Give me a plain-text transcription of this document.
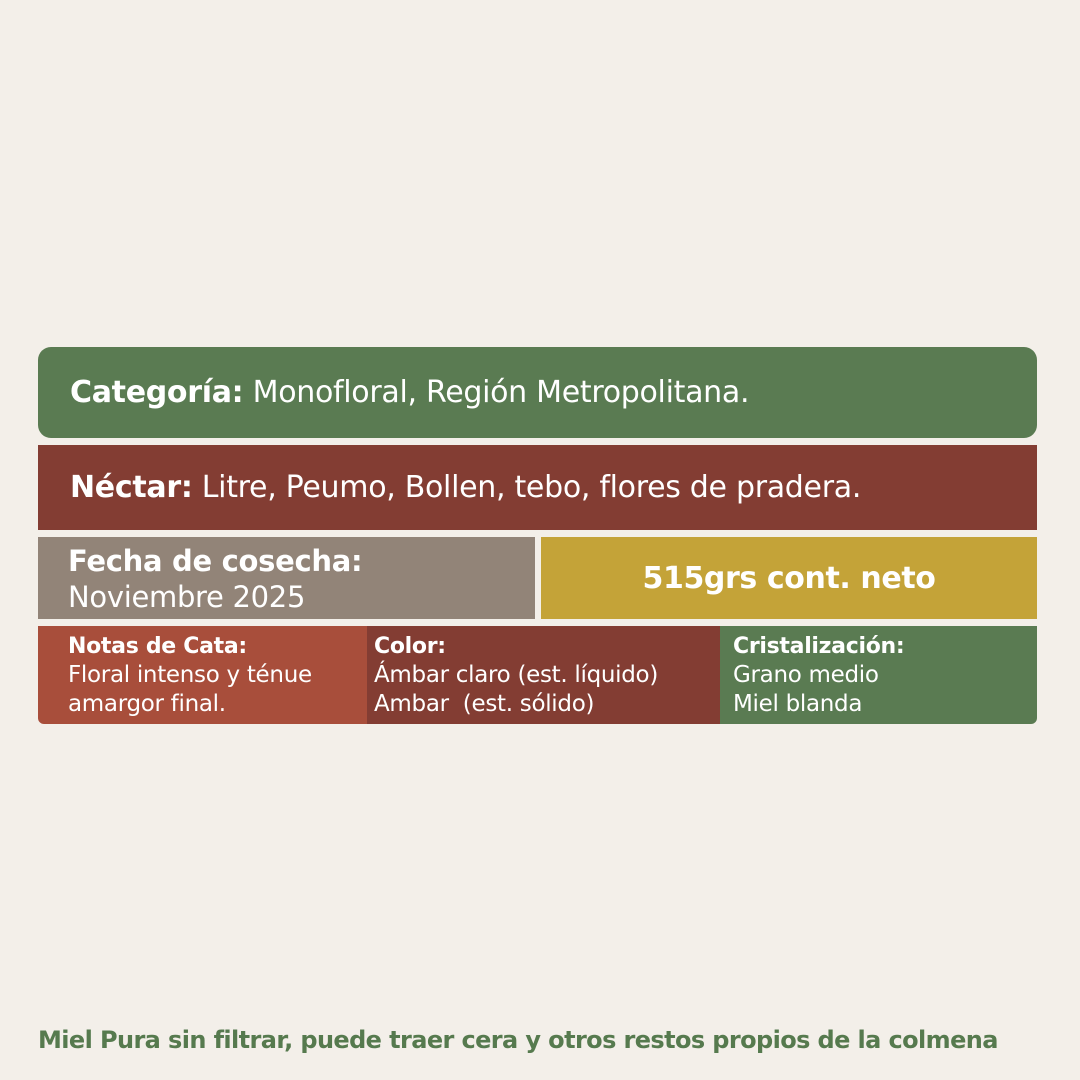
Categoría:
Monofloral, Región Metropolitana.
Néctar:
Litre, Peumo, Bollen, tebo, flores de pradera.
Fecha de cosecha:
Noviembre 2025
515grs cont. neto
Notas de Cata:
Floral intenso y ténue
amargor final.
Color:
Ámbar claro (est. líquido)
Ambar  (est. sólido)
Cristalización:
Grano medio
Miel blanda
Miel Pura sin filtrar, puede traer cera y otros restos propios de la colmena
